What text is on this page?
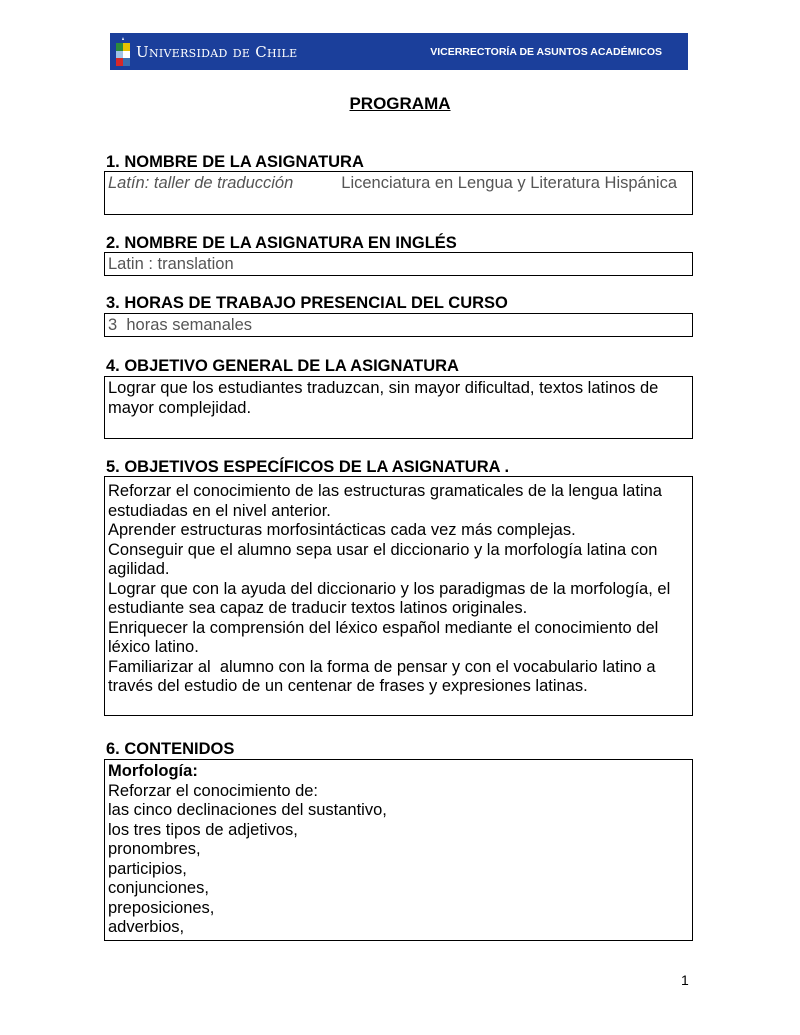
Universidad de Chile	VICERRECTORÍA DE ASUNTOS ACADÉMICOS
PROGRAMA
1. NOMBRE DE LA ASIGNATURA
Latín: taller de traducción	Licenciatura en Lengua y Literatura Hispánica
2. NOMBRE DE LA ASIGNATURA EN INGLÉS
Latin : translation
3. HORAS DE TRABAJO PRESENCIAL DEL CURSO
3  horas semanales
4. OBJETIVO GENERAL DE LA ASIGNATURA
Lograr que los estudiantes traduzcan, sin mayor dificultad, textos latinos de mayor complejidad.
5. OBJETIVOS ESPECÍFICOS DE LA ASIGNATURA .
Reforzar el conocimiento de las estructuras gramaticales de la lengua latina estudiadas en el nivel anterior.
Aprender estructuras morfosintácticas cada vez más complejas.
Conseguir que el alumno sepa usar el diccionario y la morfología latina con agilidad.
Lograr que con la ayuda del diccionario y los paradigmas de la morfología, el estudiante sea capaz de traducir textos latinos originales.
Enriquecer la comprensión del léxico español mediante el conocimiento del léxico latino.
Familiarizar al  alumno con la forma de pensar y con el vocabulario latino a través del estudio de un centenar de frases y expresiones latinas.
6. CONTENIDOS
Morfología:
Reforzar el conocimiento de:
las cinco declinaciones del sustantivo,
los tres tipos de adjetivos,
pronombres,
participios,
conjunciones,
preposiciones,
adverbios,
1
